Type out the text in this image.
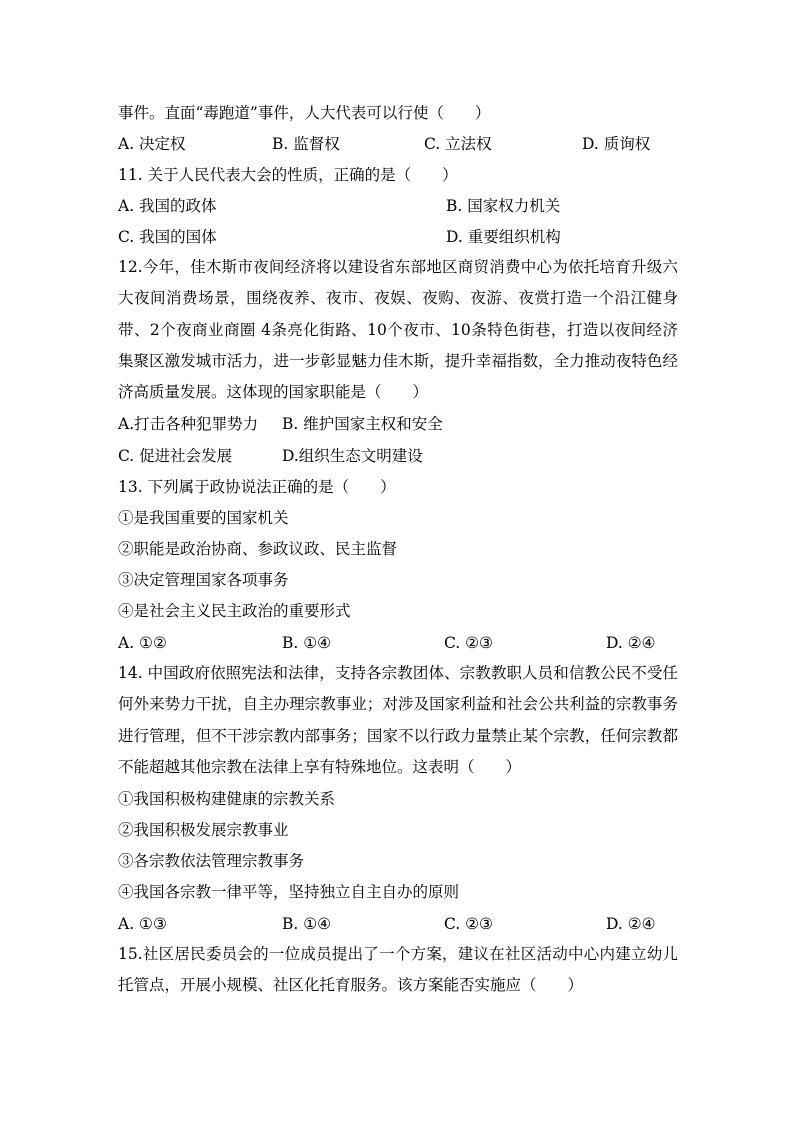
事件。直面“毒跑道”事件，人大代表可以行使（　　）
A. 决定权	B. 监督权	C. 立法权	D. 质询权
11. 关于人民代表大会的性质，正确的是（　　）
A. 我国的政体	B. 国家权力机关
C. 我国的国体	D. 重要组织机构
12.今年，佳木斯市夜间经济将以建设省东部地区商贸消费中心为依托培育升级六大夜间消费场景，围绕夜养、夜市、夜娱、夜购、夜游、夜赏打造一个沿江健身带、2个夜商业商圈 4条亮化街路、10个夜市、10条特色街巷，打造以夜间经济集聚区激发城市活力，进一步彰显魅力佳木斯，提升幸福指数，全力推动夜特色经济高质量发展。这体现的国家职能是（　　）
A.打击各种犯罪势力 B. 维护国家主权和安全
C. 促进社会发展	D.组织生态文明建设
13. 下列属于政协说法正确的是（　　）
①是我国重要的国家机关
②职能是政治协商、参政议政、民主监督
③决定管理国家各项事务
④是社会主义民主政治的重要形式
A. ①②	B. ①④	C. ②③	D. ②④
14. 中国政府依照宪法和法律，支持各宗教团体、宗教教职人员和信教公民不受任何外来势力干扰，自主办理宗教事业；对涉及国家利益和社会公共利益的宗教事务进行管理，但不干涉宗教内部事务；国家不以行政力量禁止某个宗教，任何宗教都不能超越其他宗教在法律上享有特殊地位。这表明（　　）
①我国积极构建健康的宗教关系
②我国积极发展宗教事业
③各宗教依法管理宗教事务
④我国各宗教一律平等，坚持独立自主自办的原则
A. ①③	B. ①④	C. ②③	D. ②④
15.社区居民委员会的一位成员提出了一个方案，建议在社区活动中心内建立幼儿托管点，开展小规模、社区化托育服务。该方案能否实施应（　　）
